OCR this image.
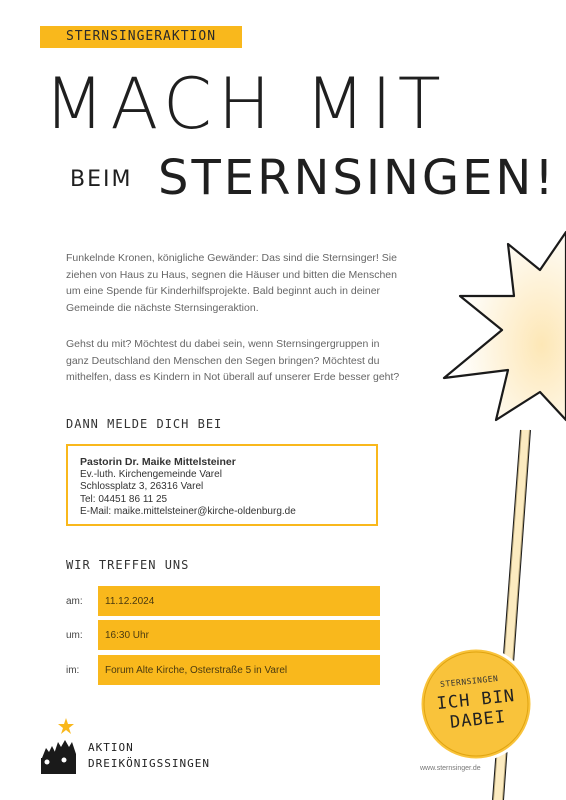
STERNSINGERAKTION
MACH MIT
BEIM STERNSINGEN!
Funkelnde Kronen, königliche Gewänder: Das sind die Sternsinger! Sie ziehen von Haus zu Haus, segnen die Häuser und bitten die Menschen um eine Spende für Kinderhilfsprojekte. Bald beginnt auch in deiner Gemeinde die nächste Sternsingeraktion.
Gehst du mit? Möchtest du dabei sein, wenn Sternsingergruppen in ganz Deutschland den Menschen den Segen bringen? Möchtest du mithelfen, dass es Kindern in Not überall auf unserer Erde besser geht?
DANN MELDE DICH BEI
Pastorin Dr. Maike Mittelsteiner
Ev.-luth. Kirchengemeinde Varel
Schlossplatz 3, 26316 Varel
Tel: 04451 86 11 25
E-Mail: maike.mittelsteiner@kirche-oldenburg.de
WIR TREFFEN UNS
am:	11.12.2024
um:	16:30 Uhr
im:	Forum Alte Kirche, Osterstraße 5 in Varel
AKTION
DREIKÖNIGSSINGEN
STERNSINGEN
ICH BIN
DABEI
www.sternsinger.de
